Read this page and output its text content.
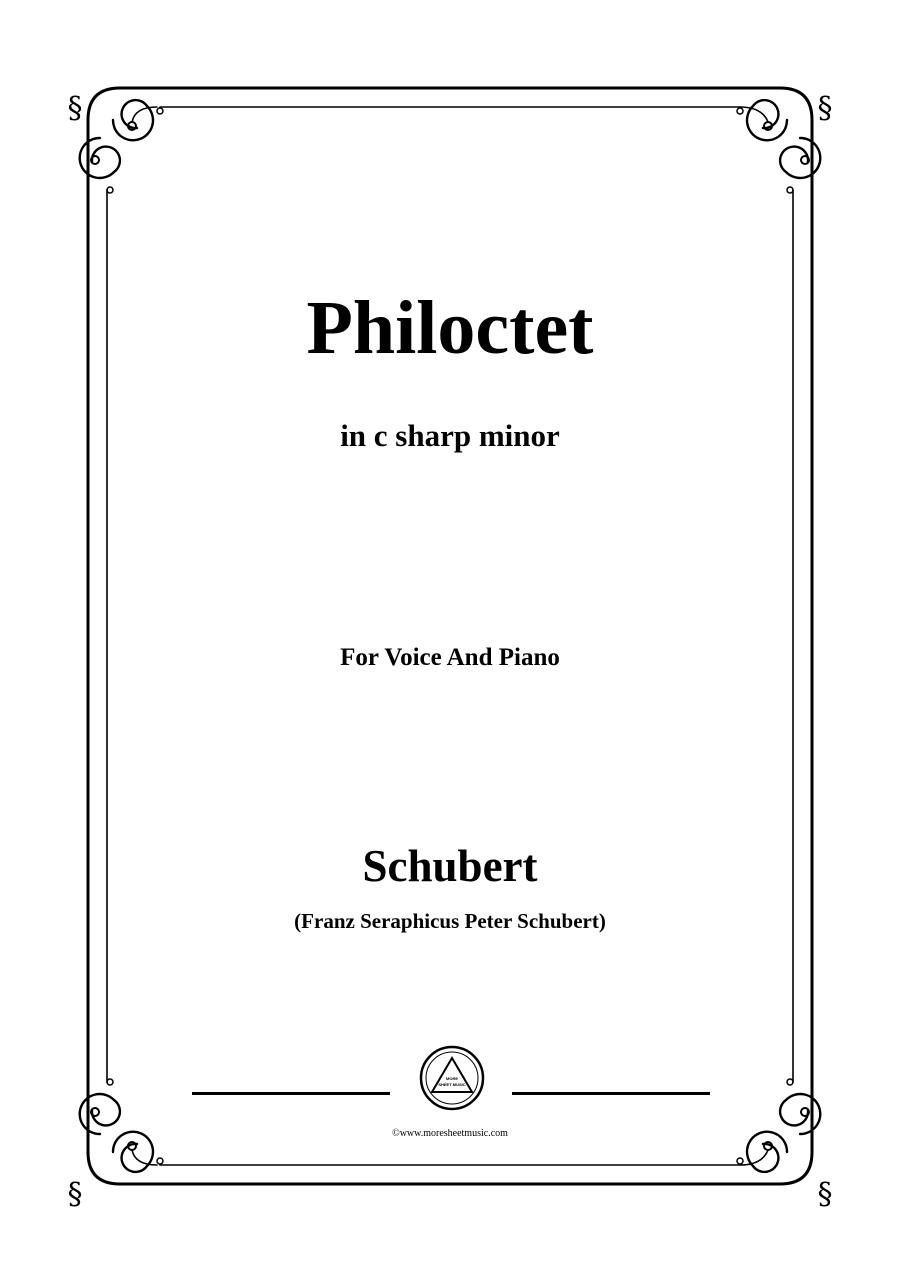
§	§
§	§
Philoctet
in c sharp minor
For Voice And Piano
Schubert
(Franz Seraphicus Peter Schubert)
MORE
SHEET MUSIC
©www.moresheetmusic.com
